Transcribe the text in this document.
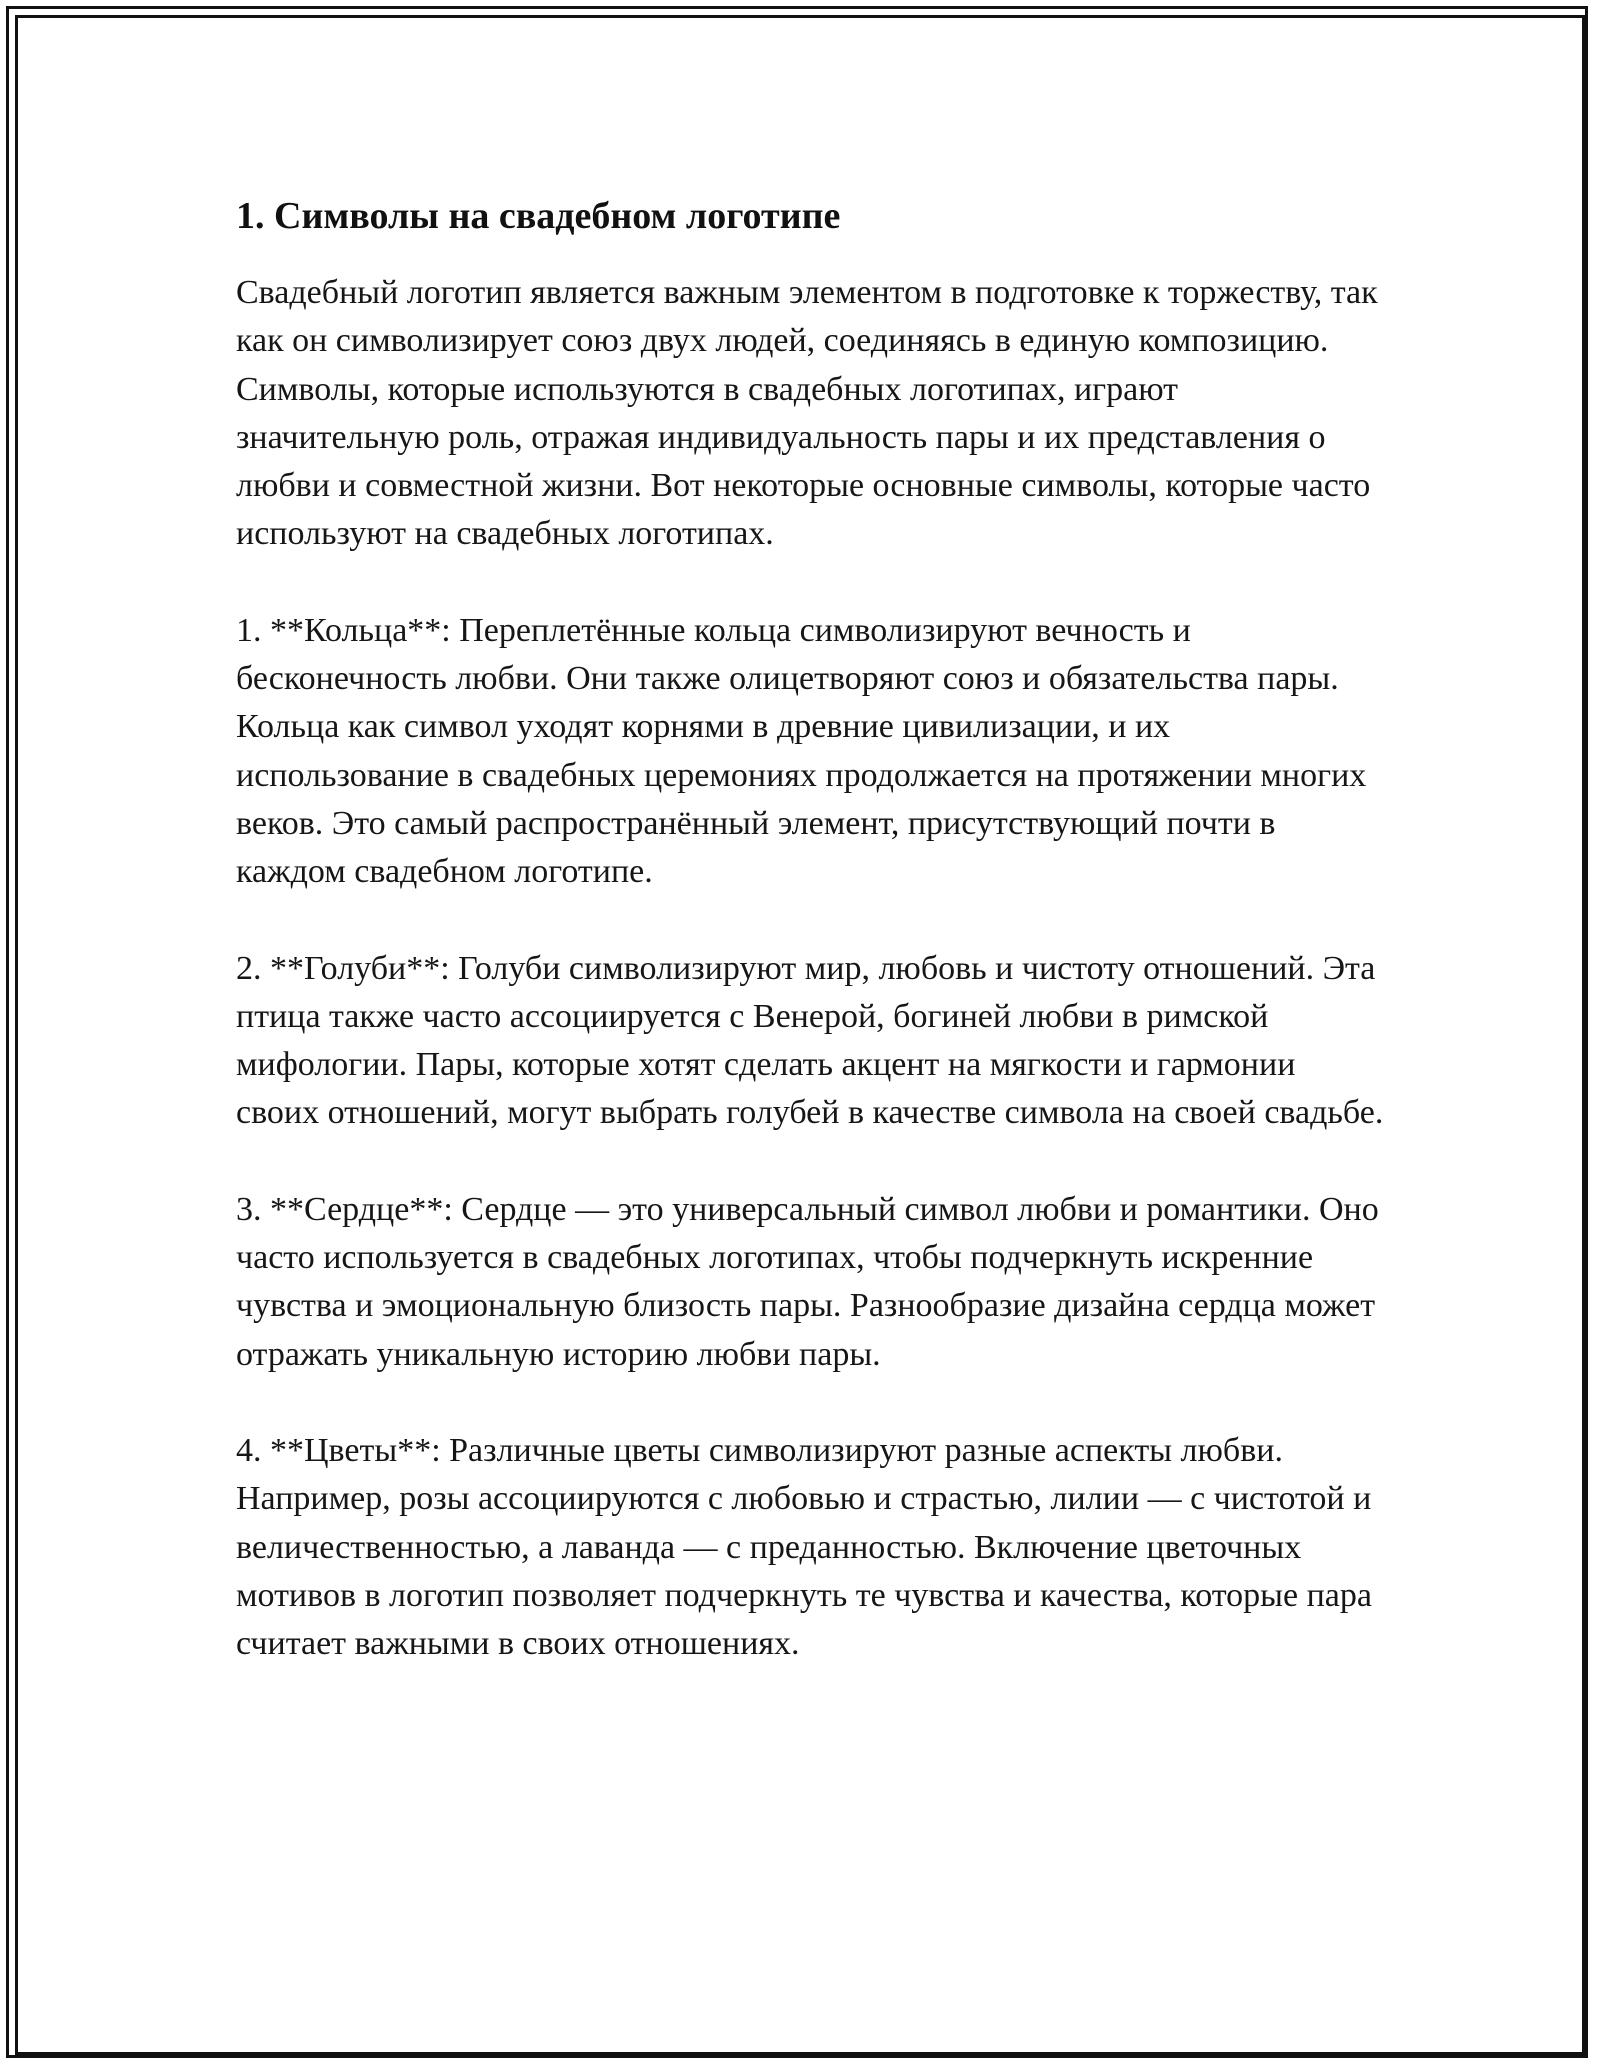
1. Символы на свадебном логотипе

Свадебный логотип является важным элементом в подготовке к торжеству, так как он символизирует союз двух людей, соединяясь в единую композицию. Символы, которые используются в свадебных логотипах, играют значительную роль, отражая индивидуальность пары и их представления о любви и совместной жизни. Вот некоторые основные символы, которые часто используют на свадебных логотипах.

1. **Кольца**: Переплетённые кольца символизируют вечность и бесконечность любви. Они также олицетворяют союз и обязательства пары. Кольца как символ уходят корнями в древние цивилизации, и их использование в свадебных церемониях продолжается на протяжении многих веков. Это самый распространённый элемент, присутствующий почти в каждом свадебном логотипе.

2. **Голуби**: Голуби символизируют мир, любовь и чистоту отношений. Эта птица также часто ассоциируется с Венерой, богиней любви в римской мифологии. Пары, которые хотят сделать акцент на мягкости и гармонии своих отношений, могут выбрать голубей в качестве символа на своей свадьбе.

3. **Сердце**: Сердце — это универсальный символ любви и романтики. Оно часто используется в свадебных логотипах, чтобы подчеркнуть искренние чувства и эмоциональную близость пары. Разнообразие дизайна сердца может отражать уникальную историю любви пары.

4. **Цветы**: Различные цветы символизируют разные аспекты любви. Например, розы ассоциируются с любовью и страстью, лилии — с чистотой и величественностью, а лаванда — с преданностью. Включение цветочных мотивов в логотип позволяет подчеркнуть те чувства и качества, которые пара считает важными в своих отношениях.
